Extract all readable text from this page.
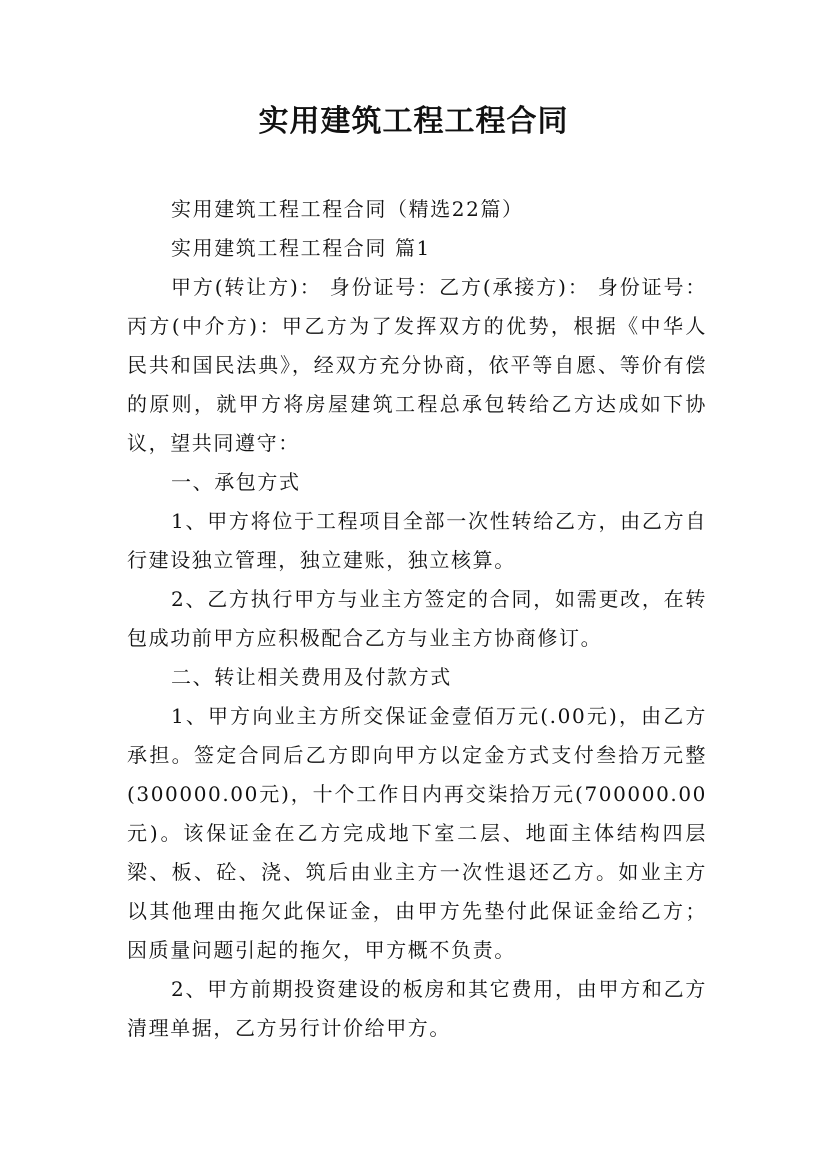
实用建筑工程工程合同

实用建筑工程工程合同（精选22篇）

实用建筑工程工程合同 篇1

甲方(转让方)： 身份证号：乙方(承接方)： 身份证号：丙方(中介方)：甲乙方为了发挥双方的优势，根据《中华人民共和国民法典》，经双方充分协商，依平等自愿、等价有偿的原则，就甲方将房屋建筑工程总承包转给乙方达成如下协议，望共同遵守：

一、承包方式

1、甲方将位于工程项目全部一次性转给乙方，由乙方自行建设独立管理，独立建账，独立核算。

2、乙方执行甲方与业主方签定的合同，如需更改，在转包成功前甲方应积极配合乙方与业主方协商修订。

二、转让相关费用及付款方式

1、甲方向业主方所交保证金壹佰万元(.00元)，由乙方承担。签定合同后乙方即向甲方以定金方式支付叁拾万元整(300000.00元)，十个工作日内再交柒拾万元(700000.00元)。该保证金在乙方完成地下室二层、地面主体结构四层梁、板、砼、浇、筑后由业主方一次性退还乙方。如业主方以其他理由拖欠此保证金，由甲方先垫付此保证金给乙方；因质量问题引起的拖欠，甲方概不负责。

2、甲方前期投资建设的板房和其它费用，由甲方和乙方清理单据，乙方另行计价给甲方。
